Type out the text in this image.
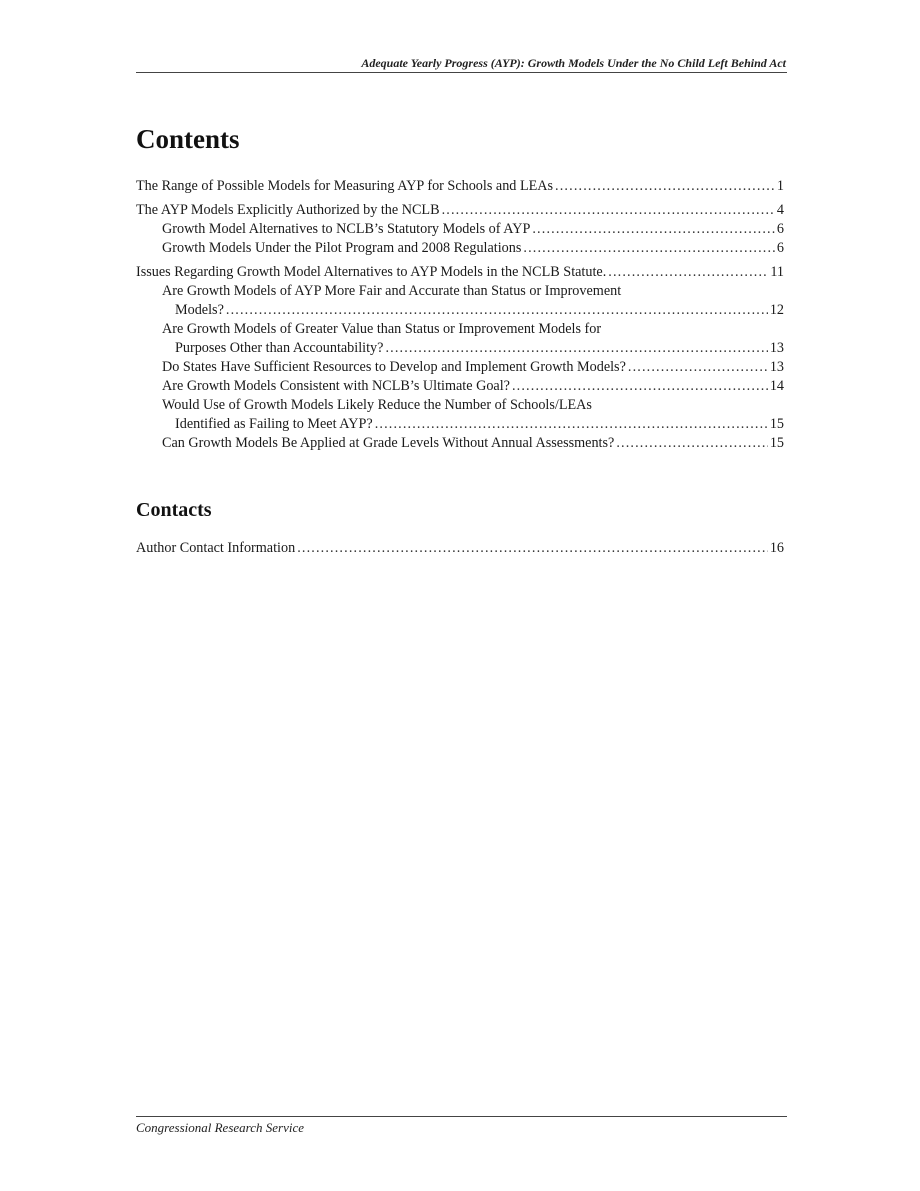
Adequate Yearly Progress (AYP): Growth Models Under the No Child Left Behind Act
Contents
The Range of Possible Models for Measuring AYP for Schools and LEAs . . .	1
The AYP Models Explicitly Authorized by the NCLB . . .	4
Growth Model Alternatives to NCLB’s Statutory Models of AYP . . .	6
Growth Models Under the Pilot Program and 2008 Regulations . . .	6
Issues Regarding Growth Model Alternatives to AYP Models in the NCLB Statute. . . .	11
Are Growth Models of AYP More Fair and Accurate than Status or Improvement
Models? . . .	12
Are Growth Models of Greater Value than Status or Improvement Models for
Purposes Other than Accountability? . . .	13
Do States Have Sufficient Resources to Develop and Implement Growth Models? . . .	13
Are Growth Models Consistent with NCLB’s Ultimate Goal? . . .	14
Would Use of Growth Models Likely Reduce the Number of Schools/LEAs
Identified as Failing to Meet AYP? . . .	15
Can Growth Models Be Applied at Grade Levels Without Annual Assessments? . . .	15
Contacts
Author Contact Information . . .	16
Congressional Research Service
